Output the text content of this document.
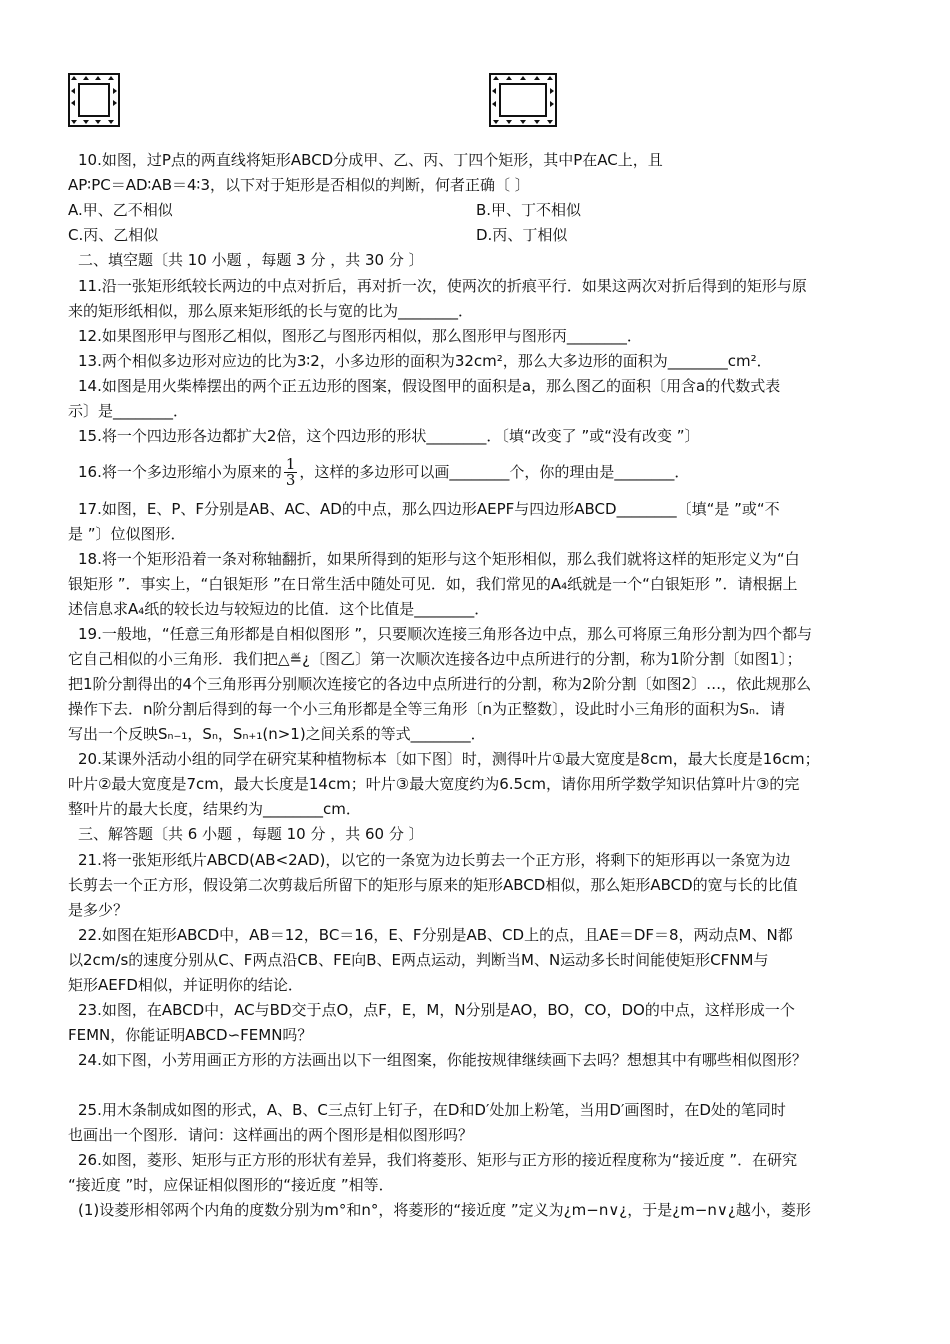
10.如图，过P点的两直线将矩形ABCD分成甲、乙、丙、丁四个矩形，其中P在AC上，且
AP∶PC＝AD∶AB＝4∶3，以下对于矩形是否相似的判断，何者正确〔 〕
A.甲、乙不相似	B.甲、丁不相似
C.丙、乙相似	D.丙、丁相似
二、填空题〔共 10 小题 ，每题 3 分 ，共 30 分 〕
11.沿一张矩形纸较长两边的中点对折后，再对折一次，使两次的折痕平行．如果这两次对折后得到的矩形与原
来的矩形纸相似，那么原来矩形纸的长与宽的比为________．
12.如果图形甲与图形乙相似，图形乙与图形丙相似，那么图形甲与图形丙________．
13.两个相似多边形对应边的比为3∶2，小多边形的面积为32cm²，那么大多边形的面积为________cm²．
14.如图是用火柴棒摆出的两个正五边形的图案，假设图甲的面积是a，那么图乙的面积〔用含a的代数式表
示〕是________．
15.将一个四边形各边都扩大2倍，这个四边形的形状________．〔填“改变了 ”或“没有改变 ”〕
16.将一个多边形缩小为原来的 $\frac{1}{3}$ ，这样的多边形可以画________个，你的理由是________．
17.如图，E、P、F分别是AB、AC、AD的中点，那么四边形AEPF与四边形ABCD________〔填“是 ”或“不
是 ”〕位似图形．
18.将一个矩形沿着一条对称轴翻折，如果所得到的矩形与这个矩形相似，那么我们就将这样的矩形定义为“白
银矩形 ”．事实上，“白银矩形 ”在日常生活中随处可见．如，我们常见的A₄纸就是一个“白银矩形 ”．请根据上
述信息求A₄纸的较长边与较短边的比值．这个比值是________．
19.一般地，“任意三角形都是自相似图形 ”，只要顺次连接三角形各边中点，那么可将原三角形分割为四个都与
它自己相似的小三角形．我们把△≝¿〔图乙〕第一次顺次连接各边中点所进行的分割，称为1阶分割〔如图1〕；
把1阶分割得出的4个三角形再分别顺次连接它的各边中点所进行的分割，称为2阶分割〔如图2〕…，依此规那么
操作下去．n阶分割后得到的每一个小三角形都是全等三角形〔n为正整数〕，设此时小三角形的面积为Sₙ．请
写出一个反映Sₙ₋₁，Sₙ，Sₙ₊₁(n>1)之间关系的等式________．
20.某课外活动小组的同学在研究某种植物标本〔如下图〕时，测得叶片①最大宽度是8cm，最大长度是16cm；
叶片②最大宽度是7cm，最大长度是14cm；叶片③最大宽度约为6.5cm，请你用所学数学知识估算叶片③的完
整叶片的最大长度，结果约为________cm．
三、解答题〔共 6 小题 ，每题 10 分 ，共 60 分 〕
21.将一张矩形纸片ABCD(AB<2AD)，以它的一条宽为边长剪去一个正方形，将剩下的矩形再以一条宽为边
长剪去一个正方形，假设第二次剪裁后所留下的矩形与原来的矩形ABCD相似，那么矩形ABCD的宽与长的比值
是多少？
22.如图在矩形ABCD中，AB＝12，BC＝16，E、F分别是AB、CD上的点，且AE＝DF＝8，两动点M、N都
以2cm/s的速度分别从C、F两点沿CB、FE向B、E两点运动，判断当M、N运动多长时间能使矩形CFNM与
矩形AEFD相似，并证明你的结论．
23.如图，在ABCD中，AC与BD交于点O，点F，E，M，N分别是AO，BO，CO，DO的中点，这样形成一个
FEMN，你能证明ABCD∽FEMN吗？
24.如下图，小芳用画正方形的方法画出以下一组图案，你能按规律继续画下去吗？想想其中有哪些相似图形？
25.用木条制成如图的形式，A、B、C三点钉上钉子，在D和D′处加上粉笔，当用D′画图时，在D处的笔同时
也画出一个图形．请问：这样画出的两个图形是相似图形吗？
26.如图，菱形、矩形与正方形的形状有差异，我们将菱形、矩形与正方形的接近程度称为“接近度 ”．在研究
“接近度 ”时，应保证相似图形的“接近度 ”相等．
(1)设菱形相邻两个内角的度数分别为m°和n°，将菱形的“接近度 ”定义为¿m−n∨¿，于是¿m−n∨¿越小，菱形
